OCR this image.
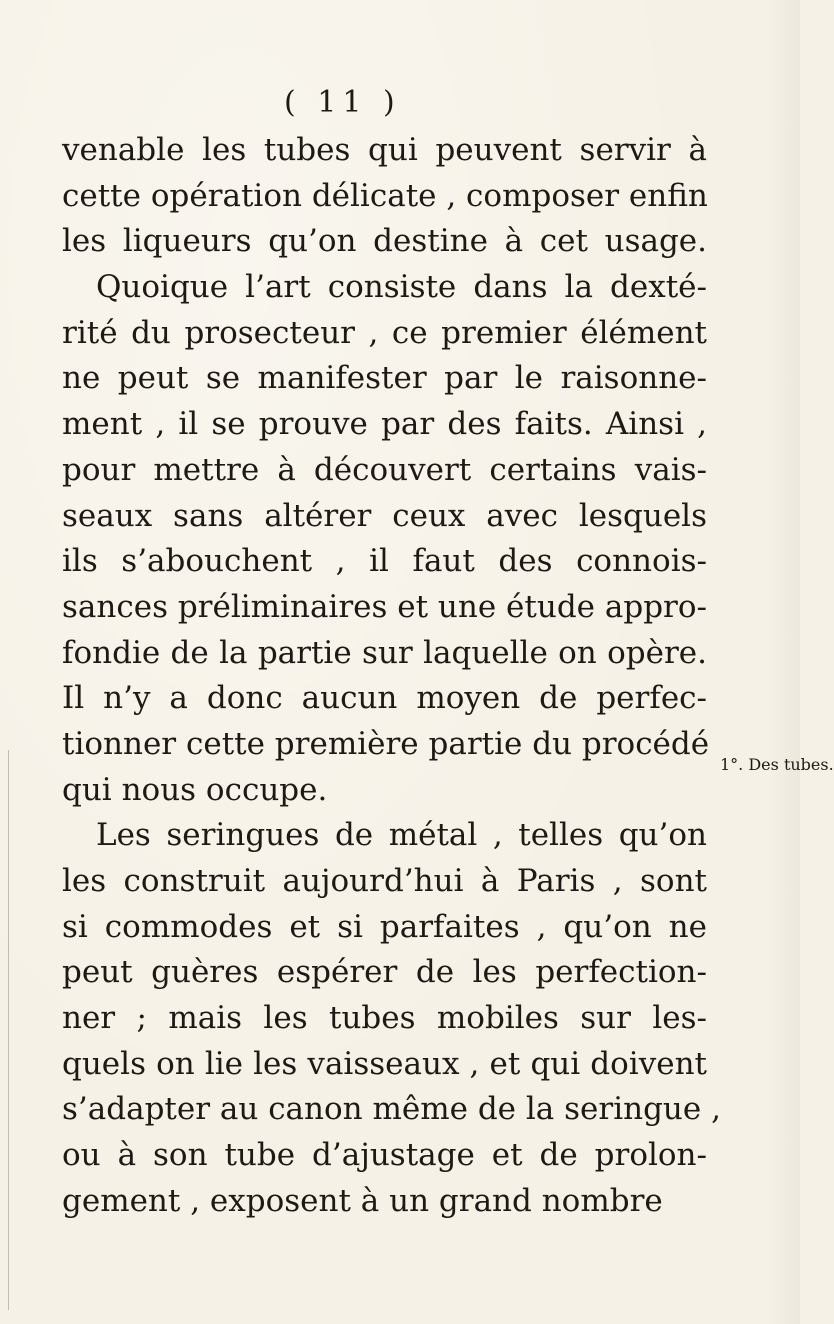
( 11 )
venable les tubes qui peuvent servir à
cette opération délicate , composer enfin
les liqueurs qu’on destine à cet usage.
Quoique l’art consiste dans la dexté-
rité du prosecteur , ce premier élément
ne peut se manifester par le raisonne-
ment , il se prouve par des faits. Ainsi ,
pour mettre à découvert certains vais-
seaux sans altérer ceux avec lesquels
ils s’abouchent , il faut des connois-
sances préliminaires et une étude appro-
fondie de la partie sur laquelle on opère.
Il n’y a donc aucun moyen de perfec-
tionner cette première partie du procédé
qui nous occupe.
Les seringues de métal , telles qu’on
les construit aujourd’hui à Paris , sont
si commodes et si parfaites , qu’on ne
peut guères espérer de les perfection-
ner ; mais les tubes mobiles sur les-
quels on lie les vaisseaux , et qui doivent
s’adapter au canon même de la seringue ,
ou à son tube d’ajustage et de prolon-
gement , exposent à un grand nombre
1°. Des tubes.
